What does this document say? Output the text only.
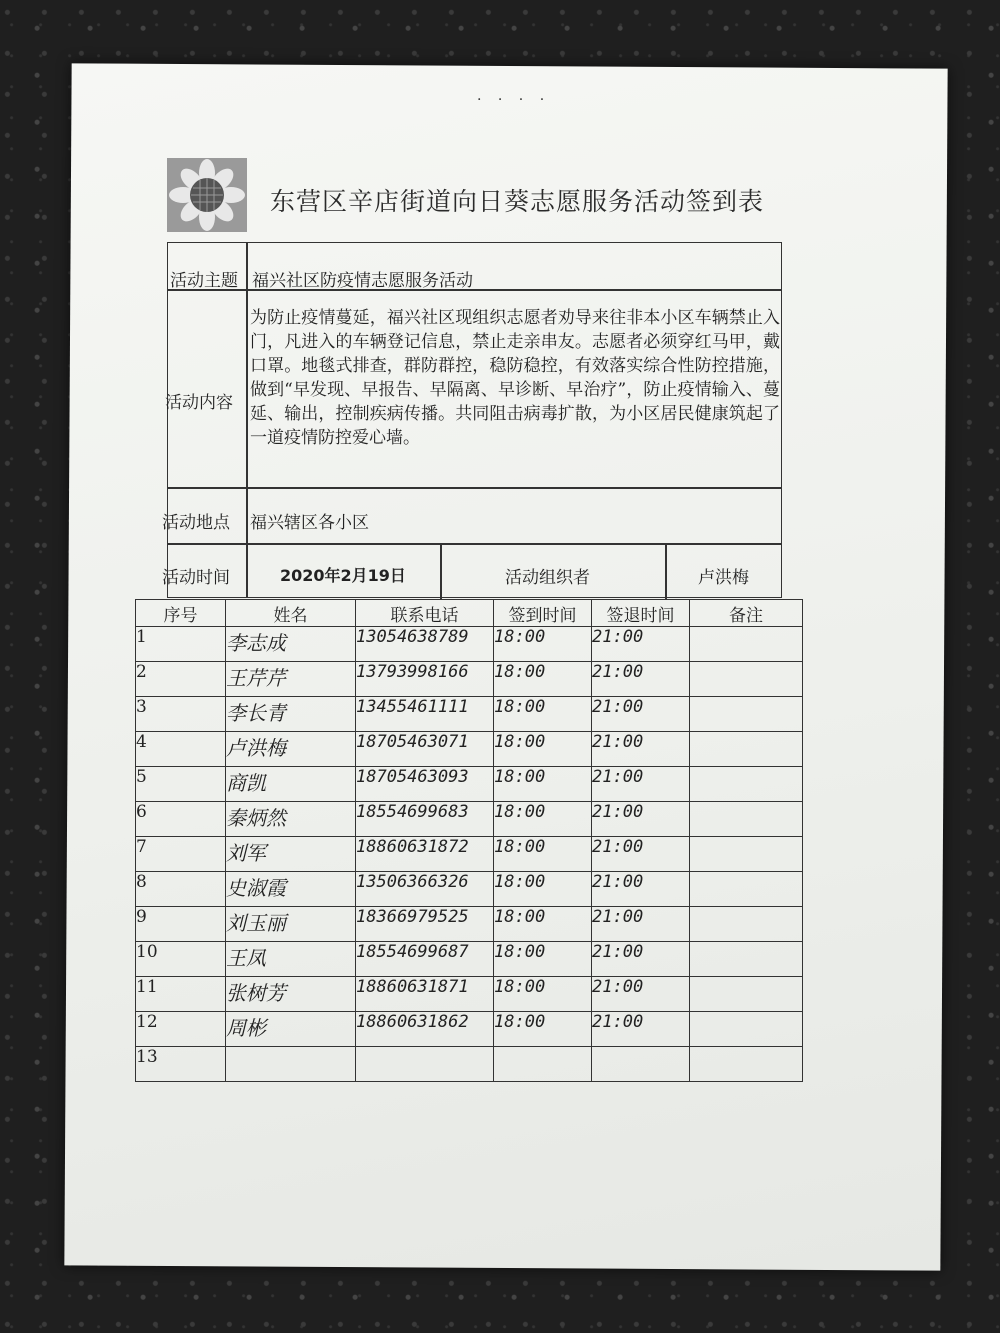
. . . .
东营区辛店街道向日葵志愿服务活动签到表
活动主题 福兴社区防疫情志愿服务活动
活动内容
为防止疫情蔓延，福兴社区现组织志愿者劝导来往非本小区车辆禁止入门，凡进入的车辆登记信息，禁止走亲串友。志愿者必须穿红马甲，戴口罩。地毯式排查，群防群控，稳防稳控，有效落实综合性防控措施，做到“早发现、早报告、早隔离、早诊断、早治疗”，防止疫情输入、蔓延、输出，控制疾病传播。共同阻击病毒扩散，为小区居民健康筑起了一道疫情防控爱心墙。
活动地点 福兴辖区各小区
活动时间	2020年2月19日	活动组织者	卢洪梅
序号	姓名	联系电话	签到时间	签退时间	备注
1	李志成	13054638789	18:00	21:00	
2	王芹芹	13793998166	18:00	21:00	
3	李长青	13455461111	18:00	21:00	
4	卢洪梅	18705463071	18:00	21:00	
5	商凯	18705463093	18:00	21:00	
6	秦炳然	18554699683	18:00	21:00	
7	刘军	18860631872	18:00	21:00	
8	史淑霞	13506366326	18:00	21:00	
9	刘玉丽	18366979525	18:00	21:00	
10	王凤	18554699687	18:00	21:00	
11	张树芳	18860631871	18:00	21:00	
12	周彬	18860631862	18:00	21:00	
13					
